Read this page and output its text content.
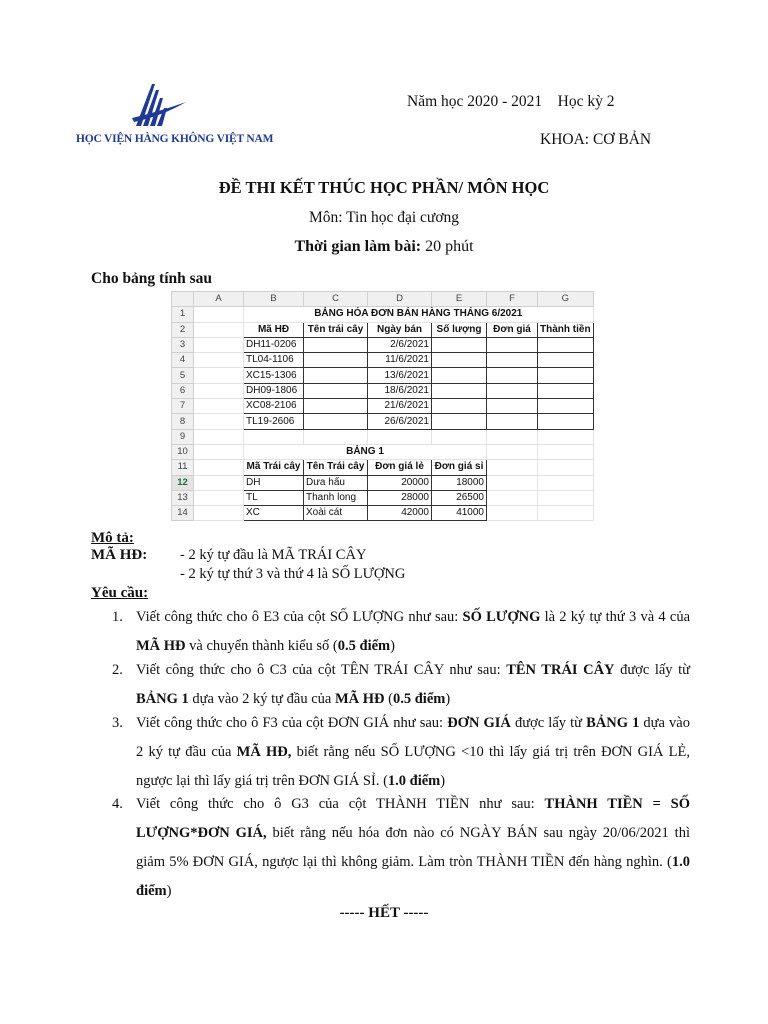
HỌC VIỆN HÀNG KHÔNG VIỆT NAM
Năm học 2020 - 2021 Học kỳ 2
KHOA: CƠ BẢN
ĐỀ THI KẾT THÚC HỌC PHẦN/ MÔN HỌC
Môn: Tin học đại cương
Thời gian làm bài: 20 phút
Cho bảng tính sau
	A	B	C	D	E	F	G
1		BẢNG HÓA ĐƠN BÁN HÀNG THÁNG 6/2021					
2		Mã HĐ	Tên trái cây	Ngày bán	Số lượng	Đơn giá	Thành tiền
3		DH11-0206		2/6/2021			
4		TL04-1106		11/6/2021			
5		XC15-1306		13/6/2021			
6		DH09-1806		18/6/2021			
7		XC08-2106		21/6/2021			
8		TL19-2606		26/6/2021			
9							
10		BẢNG 1					
11		Mã Trái cây	Tên Trái cây	Đơn giá lẻ	Đơn giá sỉ		
12		DH	Dưa hấu	20000	18000		
13		TL	Thanh long	28000	26500		
14		XC	Xoài cát	42000	41000		
Mô tả:
MÃ HĐ: - 2 ký tự đầu là MÃ TRÁI CÂY
- 2 ký tự thứ 3 và thứ 4 là SỐ LƯỢNG
Yêu cầu:
1. Viết công thức cho ô E3 của cột SỐ LƯỢNG như sau: SỐ LƯỢNG là 2 ký tự thứ 3 và 4 của MÃ HĐ và chuyển thành kiểu số (0.5 điểm)
2. Viết công thức cho ô C3 của cột TÊN TRÁI CÂY như sau: TÊN TRÁI CÂY được lấy từ BẢNG 1 dựa vào 2 ký tự đầu của MÃ HĐ (0.5 điểm)
3. Viết công thức cho ô F3 của cột ĐƠN GIÁ như sau: ĐƠN GIÁ được lấy từ BẢNG 1 dựa vào 2 ký tự đầu của MÃ HĐ, biết rằng nếu SỐ LƯỢNG <10 thì lấy giá trị trên ĐƠN GIÁ LẺ, ngược lại thì lấy giá trị trên ĐƠN GIÁ SỈ. (1.0 điểm)
4. Viết công thức cho ô G3 của cột THÀNH TIỀN như sau: THÀNH TIỀN = SỐ LƯỢNG*ĐƠN GIÁ, biết rằng nếu hóa đơn nào có NGÀY BÁN sau ngày 20/06/2021 thì giảm 5% ĐƠN GIÁ, ngược lại thì không giảm. Làm tròn THÀNH TIỀN đến hàng nghìn. (1.0 điểm)
----- HẾT -----
